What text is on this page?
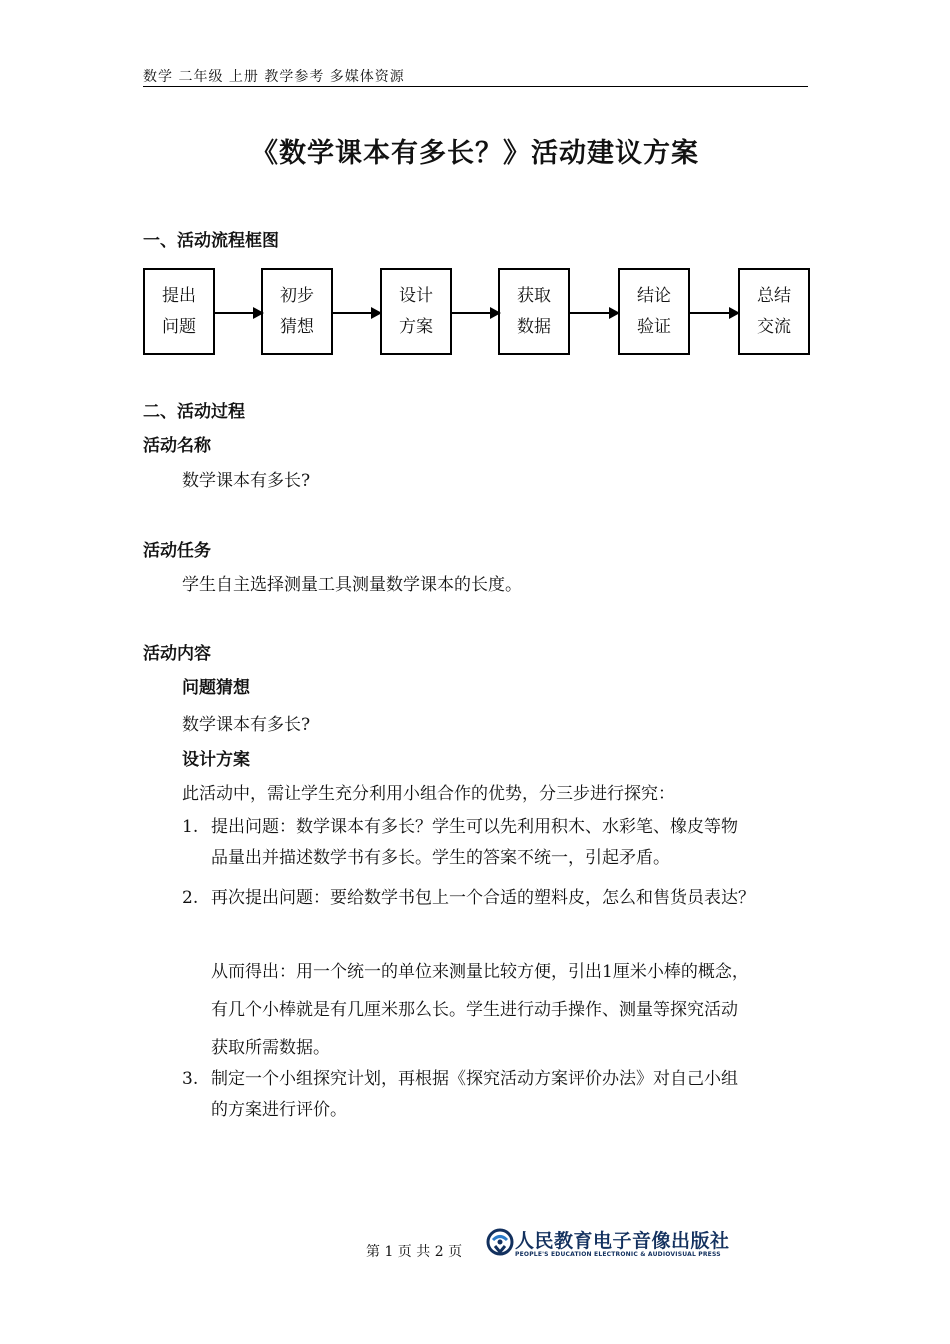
数学 二年级 上册 教学参考 多媒体资源
《数学课本有多长？》活动建议方案
一、活动流程框图
提出
问题
初步
猜想
设计
方案
获取
数据
结论
验证
总结
交流
二、活动过程
活动名称
数学课本有多长?
活动任务
学生自主选择测量工具测量数学课本的长度。
活动内容
问题猜想
数学课本有多长?
设计方案
此活动中，需让学生充分利用小组合作的优势，分三步进行探究：
1. 提出问题：数学课本有多长？学生可以先利用积木、水彩笔、橡皮等物
品量出并描述数学书有多长。学生的答案不统一，引起矛盾。
2. 再次提出问题：要给数学书包上一个合适的塑料皮，怎么和售货员表达？
从而得出：用一个统一的单位来测量比较方便，引出1厘米小棒的概念，
有几个小棒就是有几厘米那么长。学生进行动手操作、测量等探究活动
获取所需数据。
3. 制定一个小组探究计划，再根据《探究活动方案评价办法》对自己小组
的方案进行评价。
第 1 页 共 2 页	人民教育电子音像出版社
PEOPLE'S EDUCATION ELECTRONIC & AUDIOVISUAL PRESS
